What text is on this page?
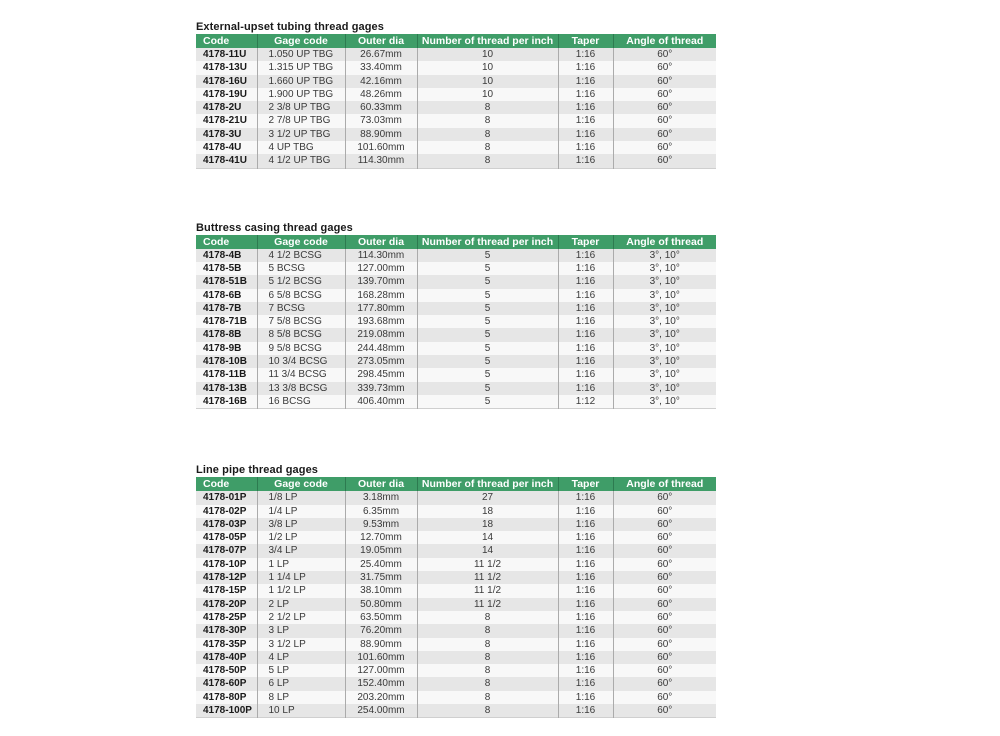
External-upset tubing thread gages
Code	Gage code	Outer dia	Number of thread per inch	Taper	Angle of thread
4178-11U	1.050 UP TBG	26.67mm	10	1:16	60°
4178-13U	1.315 UP TBG	33.40mm	10	1:16	60°
4178-16U	1.660 UP TBG	42.16mm	10	1:16	60°
4178-19U	1.900 UP TBG	48.26mm	10	1:16	60°
4178-2U	2 3/8 UP TBG	60.33mm	8	1:16	60°
4178-21U	2 7/8 UP TBG	73.03mm	8	1:16	60°
4178-3U	3 1/2 UP TBG	88.90mm	8	1:16	60°
4178-4U	4 UP TBG	101.60mm	8	1:16	60°
4178-41U	4 1/2 UP TBG	114.30mm	8	1:16	60°
Buttress casing thread gages
Code	Gage code	Outer dia	Number of thread per inch	Taper	Angle of thread
4178-4B	4 1/2 BCSG	114.30mm	5	1:16	3°, 10°
4178-5B	5 BCSG	127.00mm	5	1:16	3°, 10°
4178-51B	5 1/2 BCSG	139.70mm	5	1:16	3°, 10°
4178-6B	6 5/8 BCSG	168.28mm	5	1:16	3°, 10°
4178-7B	7 BCSG	177.80mm	5	1:16	3°, 10°
4178-71B	7 5/8 BCSG	193.68mm	5	1:16	3°, 10°
4178-8B	8 5/8 BCSG	219.08mm	5	1:16	3°, 10°
4178-9B	9 5/8 BCSG	244.48mm	5	1:16	3°, 10°
4178-10B	10 3/4 BCSG	273.05mm	5	1:16	3°, 10°
4178-11B	11 3/4 BCSG	298.45mm	5	1:16	3°, 10°
4178-13B	13 3/8 BCSG	339.73mm	5	1:16	3°, 10°
4178-16B	16 BCSG	406.40mm	5	1:12	3°, 10°
Line pipe thread gages
Code	Gage code	Outer dia	Number of thread per inch	Taper	Angle of thread
4178-01P	1/8 LP	3.18mm	27	1:16	60°
4178-02P	1/4 LP	6.35mm	18	1:16	60°
4178-03P	3/8 LP	9.53mm	18	1:16	60°
4178-05P	1/2 LP	12.70mm	14	1:16	60°
4178-07P	3/4 LP	19.05mm	14	1:16	60°
4178-10P	1 LP	25.40mm	11 1/2	1:16	60°
4178-12P	1 1/4 LP	31.75mm	11 1/2	1:16	60°
4178-15P	1 1/2 LP	38.10mm	11 1/2	1:16	60°
4178-20P	2 LP	50.80mm	11 1/2	1:16	60°
4178-25P	2 1/2 LP	63.50mm	8	1:16	60°
4178-30P	3 LP	76.20mm	8	1:16	60°
4178-35P	3 1/2 LP	88.90mm	8	1:16	60°
4178-40P	4 LP	101.60mm	8	1:16	60°
4178-50P	5 LP	127.00mm	8	1:16	60°
4178-60P	6 LP	152.40mm	8	1:16	60°
4178-80P	8 LP	203.20mm	8	1:16	60°
4178-100P	10 LP	254.00mm	8	1:16	60°
